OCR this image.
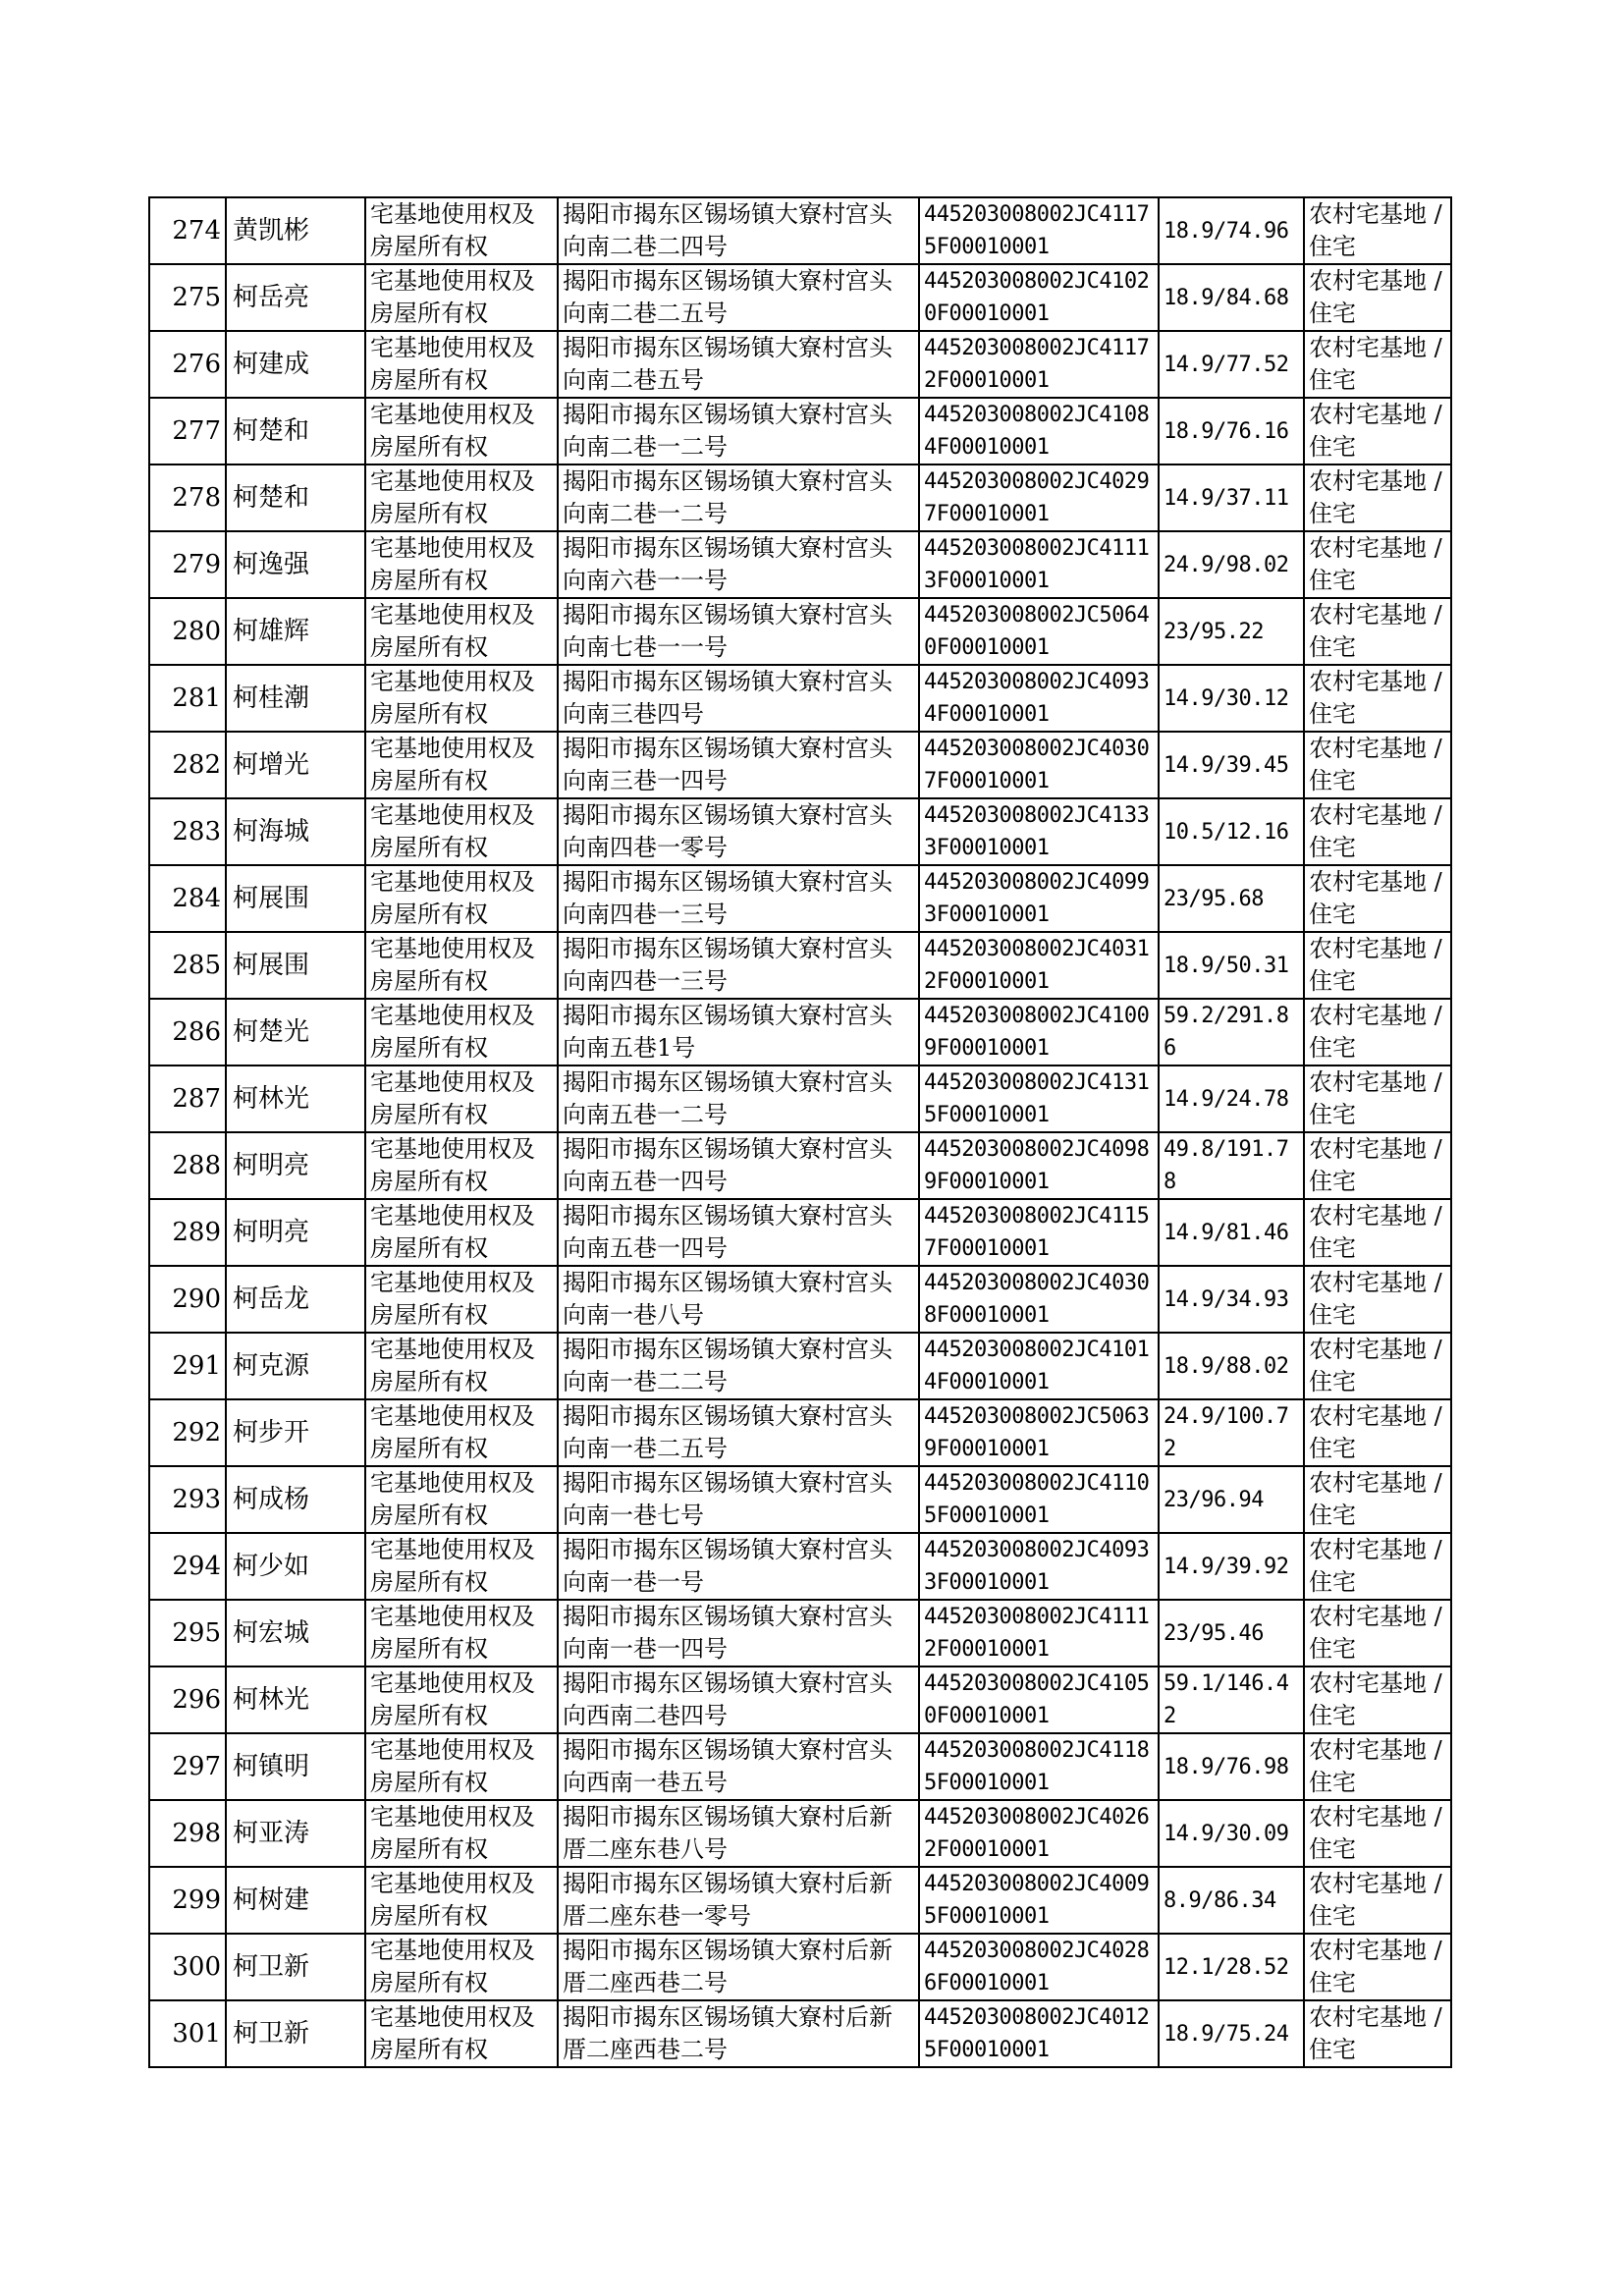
274	黄凯彬	宅基地使用权及房屋所有权	揭阳市揭东区锡场镇大寮村宫头向南二巷二四号	445203008002JC41175F00010001	18.9/74.96	农村宅基地 / 住宅
275	柯岳亮	宅基地使用权及房屋所有权	揭阳市揭东区锡场镇大寮村宫头向南二巷二五号	445203008002JC41020F00010001	18.9/84.68	农村宅基地 / 住宅
276	柯建成	宅基地使用权及房屋所有权	揭阳市揭东区锡场镇大寮村宫头向南二巷五号	445203008002JC41172F00010001	14.9/77.52	农村宅基地 / 住宅
277	柯楚和	宅基地使用权及房屋所有权	揭阳市揭东区锡场镇大寮村宫头向南二巷一二号	445203008002JC41084F00010001	18.9/76.16	农村宅基地 / 住宅
278	柯楚和	宅基地使用权及房屋所有权	揭阳市揭东区锡场镇大寮村宫头向南二巷一二号	445203008002JC40297F00010001	14.9/37.11	农村宅基地 / 住宅
279	柯逸强	宅基地使用权及房屋所有权	揭阳市揭东区锡场镇大寮村宫头向南六巷一一号	445203008002JC41113F00010001	24.9/98.02	农村宅基地 / 住宅
280	柯雄辉	宅基地使用权及房屋所有权	揭阳市揭东区锡场镇大寮村宫头向南七巷一一号	445203008002JC50640F00010001	23/95.22	农村宅基地 / 住宅
281	柯桂潮	宅基地使用权及房屋所有权	揭阳市揭东区锡场镇大寮村宫头向南三巷四号	445203008002JC40934F00010001	14.9/30.12	农村宅基地 / 住宅
282	柯增光	宅基地使用权及房屋所有权	揭阳市揭东区锡场镇大寮村宫头向南三巷一四号	445203008002JC40307F00010001	14.9/39.45	农村宅基地 / 住宅
283	柯海城	宅基地使用权及房屋所有权	揭阳市揭东区锡场镇大寮村宫头向南四巷一零号	445203008002JC41333F00010001	10.5/12.16	农村宅基地 / 住宅
284	柯展围	宅基地使用权及房屋所有权	揭阳市揭东区锡场镇大寮村宫头向南四巷一三号	445203008002JC40993F00010001	23/95.68	农村宅基地 / 住宅
285	柯展围	宅基地使用权及房屋所有权	揭阳市揭东区锡场镇大寮村宫头向南四巷一三号	445203008002JC40312F00010001	18.9/50.31	农村宅基地 / 住宅
286	柯楚光	宅基地使用权及房屋所有权	揭阳市揭东区锡场镇大寮村宫头向南五巷1号	445203008002JC41009F00010001	59.2/291.86	农村宅基地 / 住宅
287	柯林光	宅基地使用权及房屋所有权	揭阳市揭东区锡场镇大寮村宫头向南五巷一二号	445203008002JC41315F00010001	14.9/24.78	农村宅基地 / 住宅
288	柯明亮	宅基地使用权及房屋所有权	揭阳市揭东区锡场镇大寮村宫头向南五巷一四号	445203008002JC40989F00010001	49.8/191.78	农村宅基地 / 住宅
289	柯明亮	宅基地使用权及房屋所有权	揭阳市揭东区锡场镇大寮村宫头向南五巷一四号	445203008002JC41157F00010001	14.9/81.46	农村宅基地 / 住宅
290	柯岳龙	宅基地使用权及房屋所有权	揭阳市揭东区锡场镇大寮村宫头向南一巷八号	445203008002JC40308F00010001	14.9/34.93	农村宅基地 / 住宅
291	柯克源	宅基地使用权及房屋所有权	揭阳市揭东区锡场镇大寮村宫头向南一巷二二号	445203008002JC41014F00010001	18.9/88.02	农村宅基地 / 住宅
292	柯步开	宅基地使用权及房屋所有权	揭阳市揭东区锡场镇大寮村宫头向南一巷二五号	445203008002JC50639F00010001	24.9/100.72	农村宅基地 / 住宅
293	柯成杨	宅基地使用权及房屋所有权	揭阳市揭东区锡场镇大寮村宫头向南一巷七号	445203008002JC41105F00010001	23/96.94	农村宅基地 / 住宅
294	柯少如	宅基地使用权及房屋所有权	揭阳市揭东区锡场镇大寮村宫头向南一巷一号	445203008002JC40933F00010001	14.9/39.92	农村宅基地 / 住宅
295	柯宏城	宅基地使用权及房屋所有权	揭阳市揭东区锡场镇大寮村宫头向南一巷一四号	445203008002JC41112F00010001	23/95.46	农村宅基地 / 住宅
296	柯林光	宅基地使用权及房屋所有权	揭阳市揭东区锡场镇大寮村宫头向西南二巷四号	445203008002JC41050F00010001	59.1/146.42	农村宅基地 / 住宅
297	柯镇明	宅基地使用权及房屋所有权	揭阳市揭东区锡场镇大寮村宫头向西南一巷五号	445203008002JC41185F00010001	18.9/76.98	农村宅基地 / 住宅
298	柯亚涛	宅基地使用权及房屋所有权	揭阳市揭东区锡场镇大寮村后新厝二座东巷八号	445203008002JC40262F00010001	14.9/30.09	农村宅基地 / 住宅
299	柯树建	宅基地使用权及房屋所有权	揭阳市揭东区锡场镇大寮村后新厝二座东巷一零号	445203008002JC40095F00010001	8.9/86.34	农村宅基地 / 住宅
300	柯卫新	宅基地使用权及房屋所有权	揭阳市揭东区锡场镇大寮村后新厝二座西巷二号	445203008002JC40286F00010001	12.1/28.52	农村宅基地 / 住宅
301	柯卫新	宅基地使用权及房屋所有权	揭阳市揭东区锡场镇大寮村后新厝二座西巷二号	445203008002JC40125F00010001	18.9/75.24	农村宅基地 / 住宅
